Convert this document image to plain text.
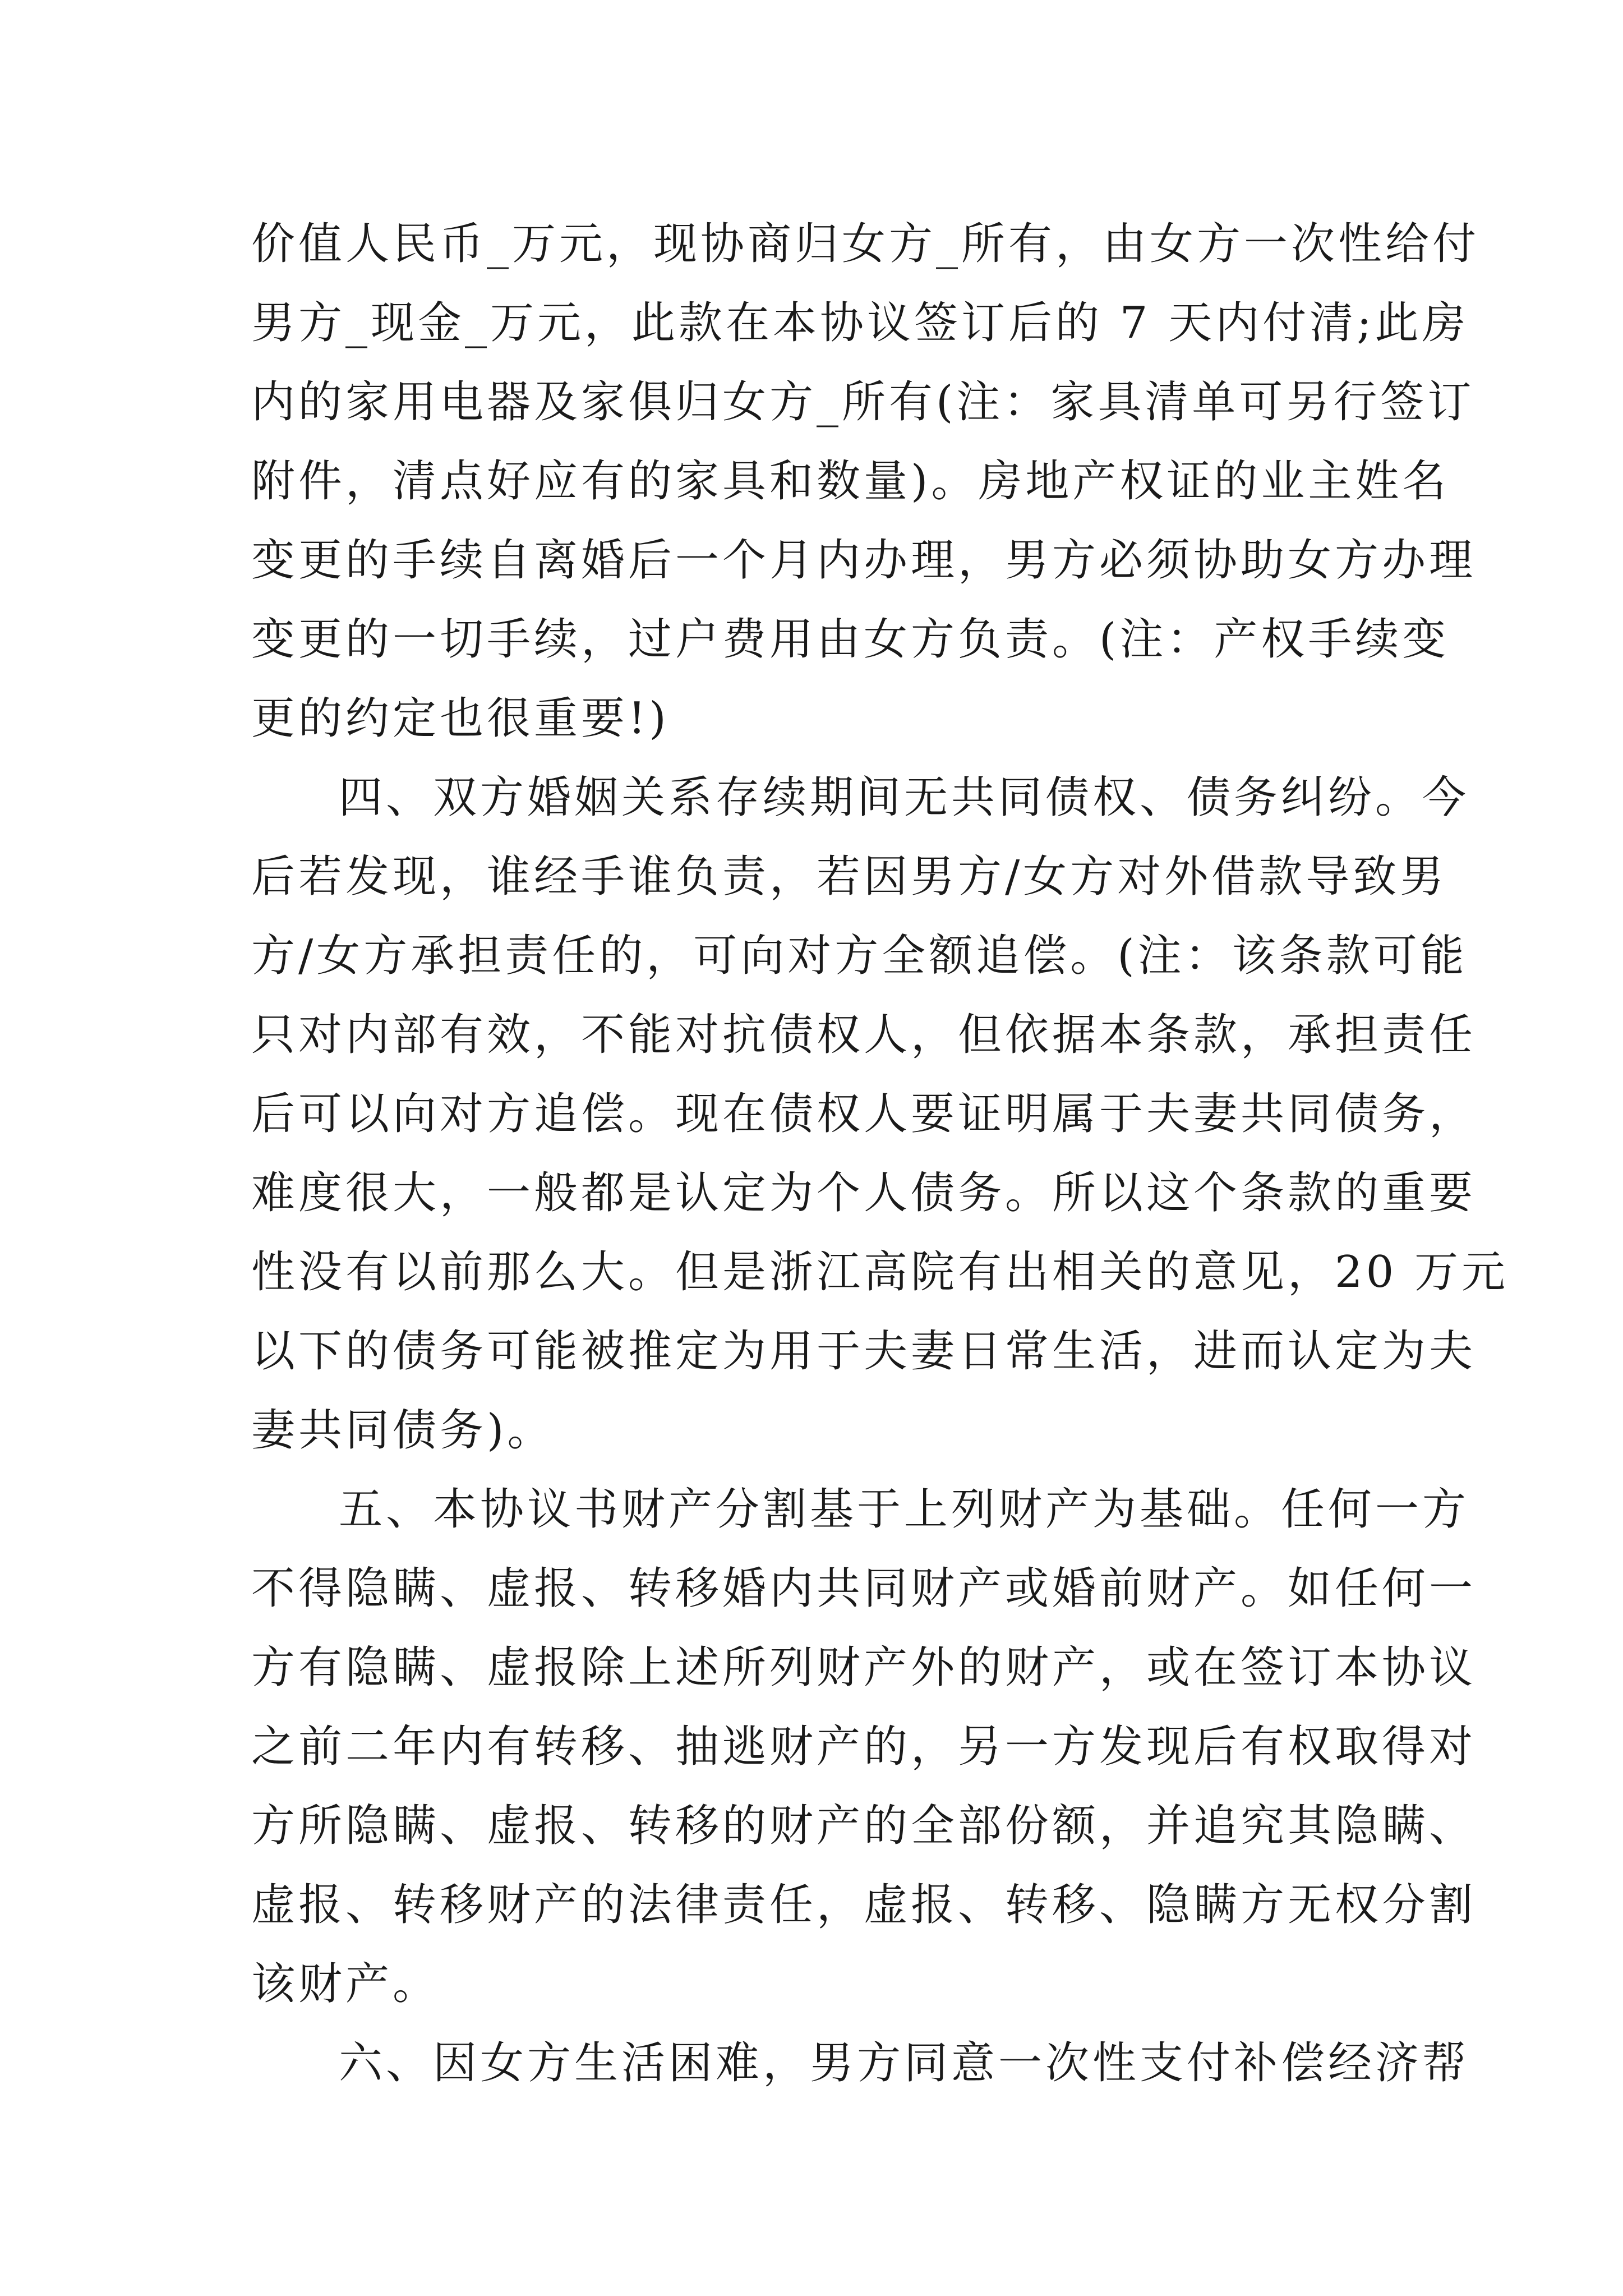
价值人民币_万元，现协商归女方_所有，由女方一次性给付
男方_现金_万元，此款在本协议签订后的 7 天内付清;此房
内的家用电器及家俱归女方_所有(注：家具清单可另行签订
附件，清点好应有的家具和数量)。房地产权证的业主姓名
变更的手续自离婚后一个月内办理，男方必须协助女方办理
变更的一切手续，过户费用由女方负责。(注：产权手续变
更的约定也很重要!)
四、双方婚姻关系存续期间无共同债权、债务纠纷。今
后若发现，谁经手谁负责，若因男方/女方对外借款导致男
方/女方承担责任的，可向对方全额追偿。(注：该条款可能
只对内部有效，不能对抗债权人，但依据本条款，承担责任
后可以向对方追偿。现在债权人要证明属于夫妻共同债务，
难度很大，一般都是认定为个人债务。所以这个条款的重要
性没有以前那么大。但是浙江高院有出相关的意见，20 万元
以下的债务可能被推定为用于夫妻日常生活，进而认定为夫
妻共同债务)。
五、本协议书财产分割基于上列财产为基础。任何一方
不得隐瞒、虚报、转移婚内共同财产或婚前财产。如任何一
方有隐瞒、虚报除上述所列财产外的财产，或在签订本协议
之前二年内有转移、抽逃财产的，另一方发现后有权取得对
方所隐瞒、虚报、转移的财产的全部份额，并追究其隐瞒、
虚报、转移财产的法律责任，虚报、转移、隐瞒方无权分割
该财产。
六、因女方生活困难，男方同意一次性支付补偿经济帮
